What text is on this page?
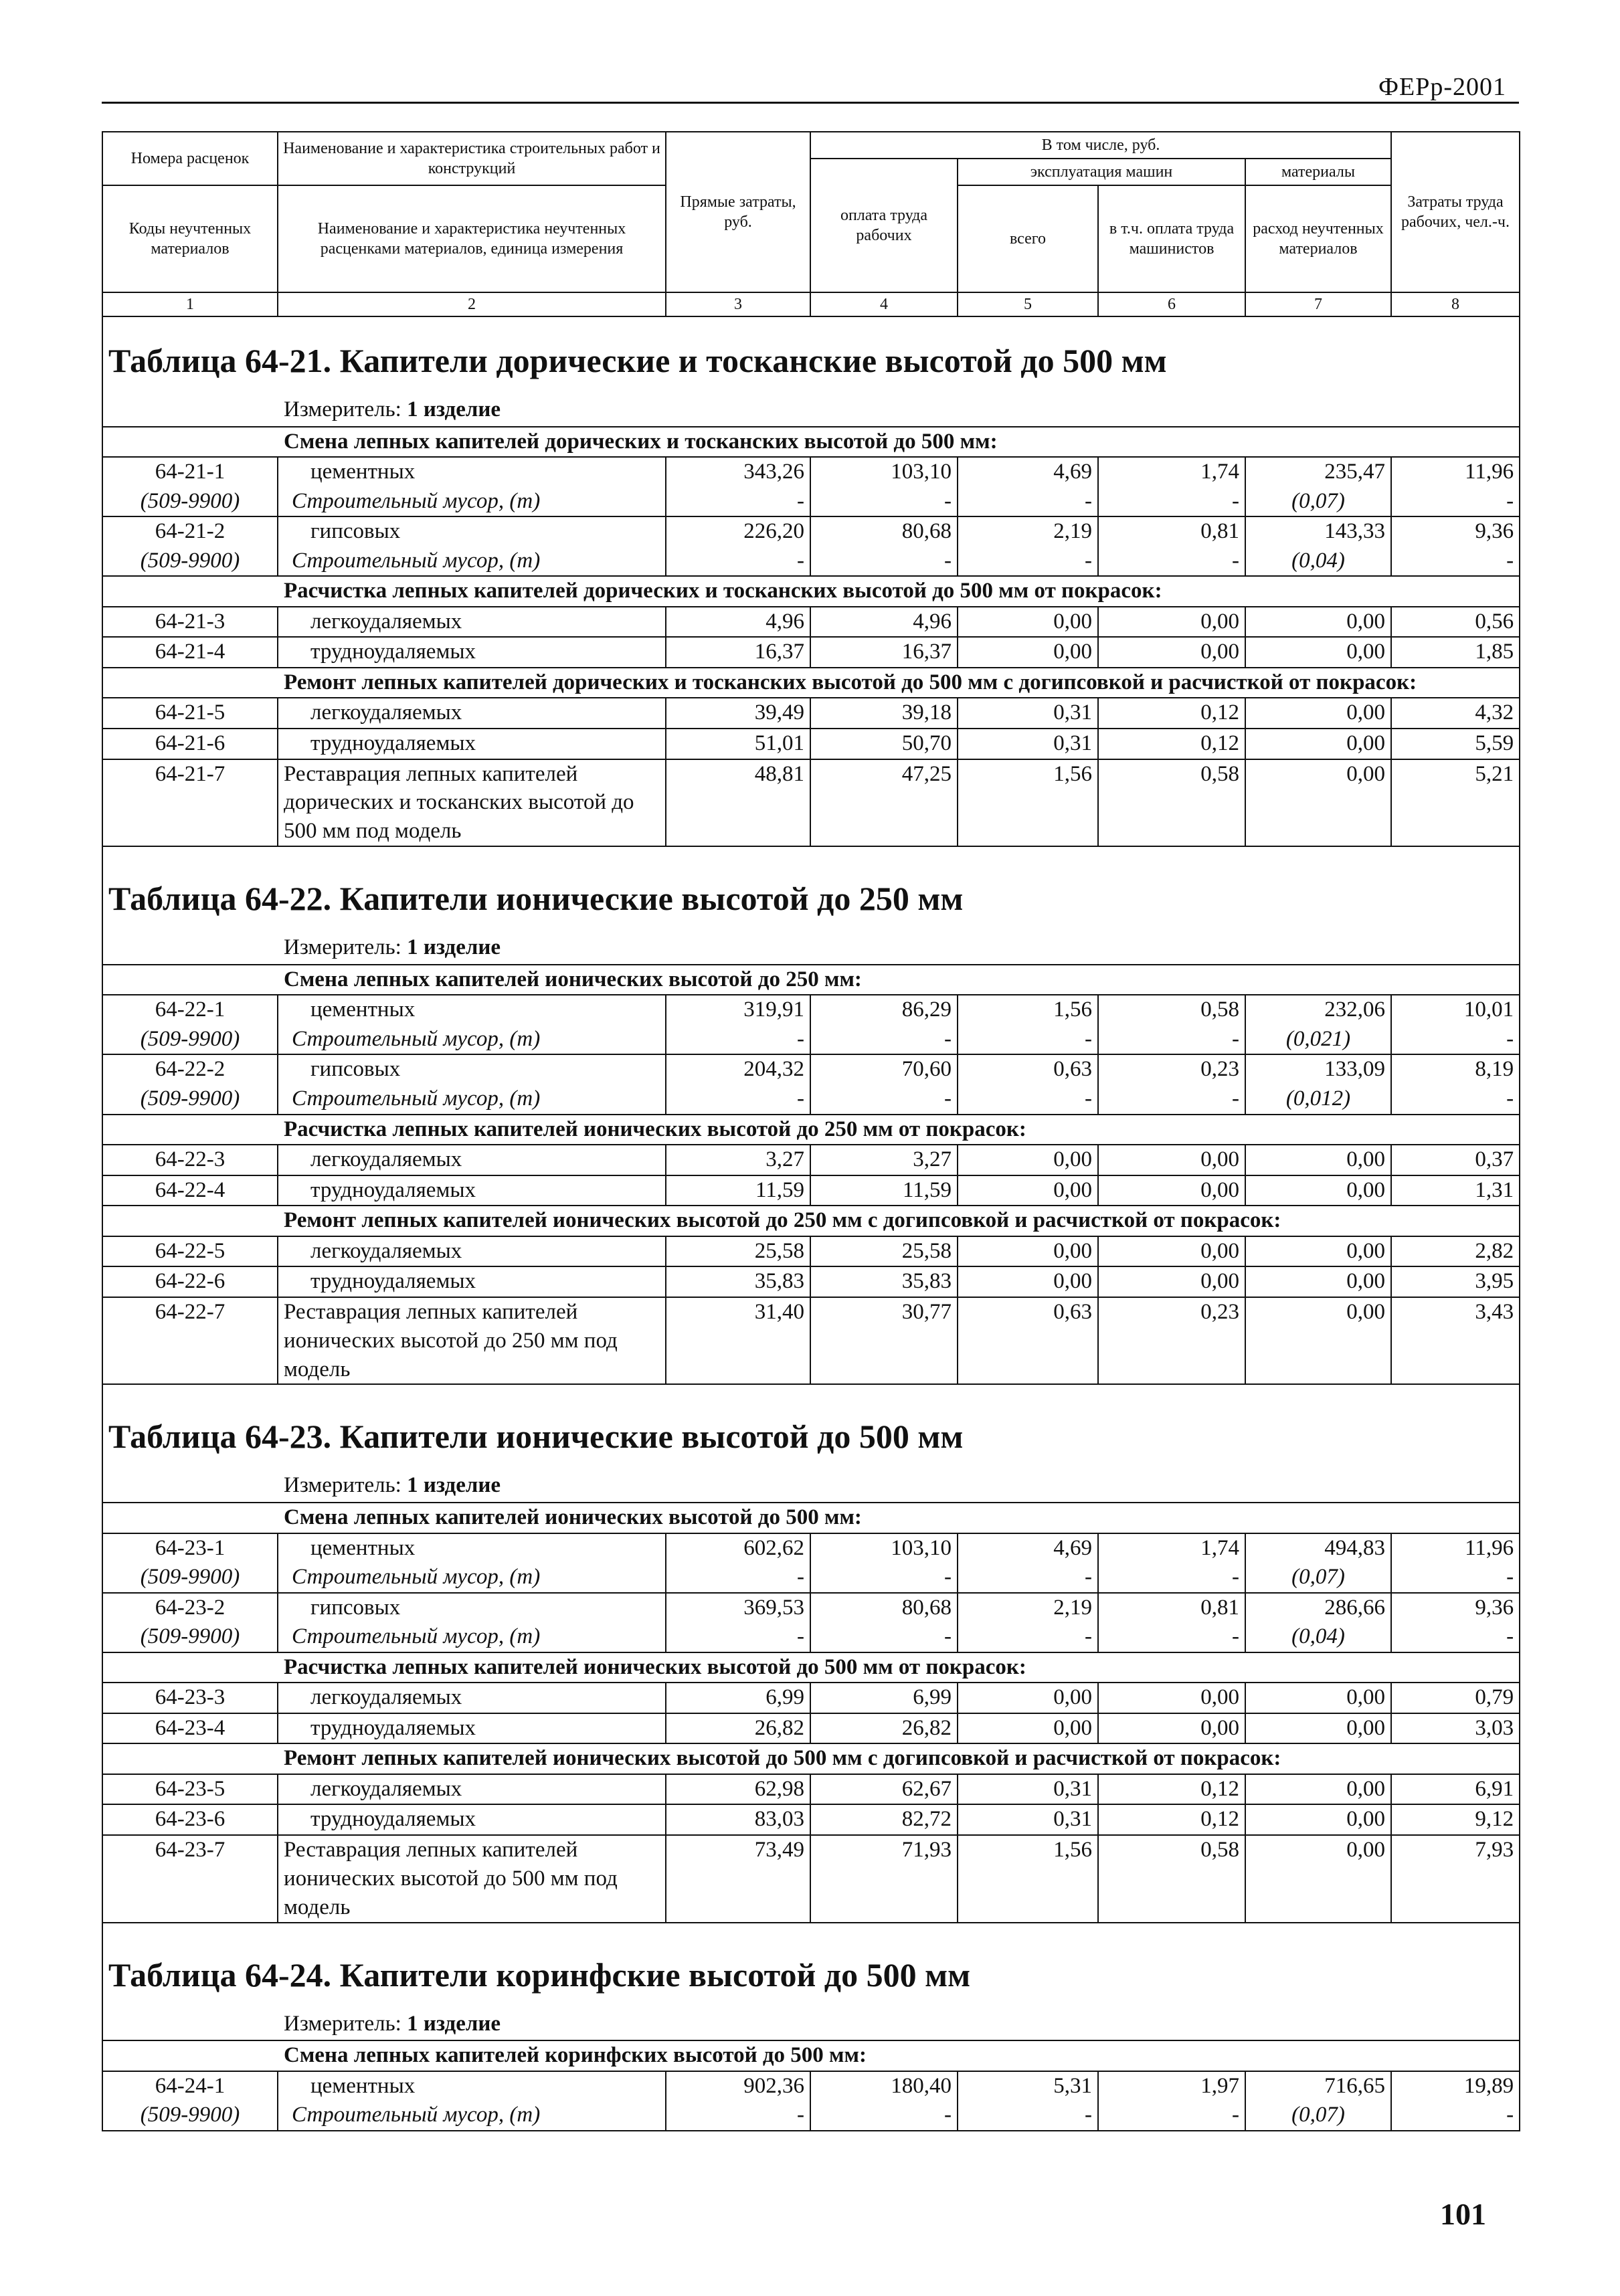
ФЕРр-2001
Номера расценок	Наименование и характеристика строительных работ и конструкций	Прямые затраты, руб.	В том числе, руб.				Затраты труда рабочих, чел.-ч.
			оплата труда рабочих	эксплуатация машин		материалы	
Коды неучтенных материалов	Наименование и характеристика неучтенных расценками материалов, единица измерения			всего	в т.ч. оплата труда машинистов	расход неучтенных материалов	

1	2	3	4	5	6	7	8
Таблица 64-21. Капители дорические и тосканские высотой до 500 мм							
Измеритель: 1 изделие							
Смена лепных капителей дорических и тосканских высотой до 500 мм:							
64-21-1	цементных	343,26	103,10	4,69	1,74	235,47	11,96
(509-9900)	Строительный мусор, (т)	-	-	-	-	(0,07)	-
64-21-2	гипсовых	226,20	80,68	2,19	0,81	143,33	9,36
(509-9900)	Строительный мусор, (т)	-	-	-	-	(0,04)	-
Расчистка лепных капителей дорических и тосканских высотой до 500 мм от покрасок:							
64-21-3	легкоудаляемых	4,96	4,96	0,00	0,00	0,00	0,56
64-21-4	трудноудаляемых	16,37	16,37	0,00	0,00	0,00	1,85
Ремонт лепных капителей дорических и тосканских высотой до 500 мм с догипсовкой и расчисткой от покрасок:							
64-21-5	легкоудаляемых	39,49	39,18	0,31	0,12	0,00	4,32
64-21-6	трудноудаляемых	51,01	50,70	0,31	0,12	0,00	5,59
64-21-7	Реставрация лепных капителей дорических и тосканских высотой до 500 мм под модель	48,81	47,25	1,56	0,58	0,00	5,21
Таблица 64-22. Капители ионические высотой до 250 мм							
Измеритель: 1 изделие							
Смена лепных капителей ионических высотой до 250 мм:							
64-22-1	цементных	319,91	86,29	1,56	0,58	232,06	10,01
(509-9900)	Строительный мусор, (т)	-	-	-	-	(0,021)	-
64-22-2	гипсовых	204,32	70,60	0,63	0,23	133,09	8,19
(509-9900)	Строительный мусор, (т)	-	-	-	-	(0,012)	-
Расчистка лепных капителей ионических высотой до 250 мм от покрасок:							
64-22-3	легкоудаляемых	3,27	3,27	0,00	0,00	0,00	0,37
64-22-4	трудноудаляемых	11,59	11,59	0,00	0,00	0,00	1,31
Ремонт лепных капителей ионических высотой до 250 мм с догипсовкой и расчисткой от покрасок:							
64-22-5	легкоудаляемых	25,58	25,58	0,00	0,00	0,00	2,82
64-22-6	трудноудаляемых	35,83	35,83	0,00	0,00	0,00	3,95
64-22-7	Реставрация лепных капителей ионических высотой до 250 мм под модель	31,40	30,77	0,63	0,23	0,00	3,43
Таблица 64-23. Капители ионические высотой до 500 мм							
Измеритель: 1 изделие							
Смена лепных капителей ионических высотой до 500 мм:							
64-23-1	цементных	602,62	103,10	4,69	1,74	494,83	11,96
(509-9900)	Строительный мусор, (т)	-	-	-	-	(0,07)	-
64-23-2	гипсовых	369,53	80,68	2,19	0,81	286,66	9,36
(509-9900)	Строительный мусор, (т)	-	-	-	-	(0,04)	-
Расчистка лепных капителей ионических высотой до 500 мм от покрасок:							
64-23-3	легкоудаляемых	6,99	6,99	0,00	0,00	0,00	0,79
64-23-4	трудноудаляемых	26,82	26,82	0,00	0,00	0,00	3,03
Ремонт лепных капителей ионических высотой до 500 мм с догипсовкой и расчисткой от покрасок:							
64-23-5	легкоудаляемых	62,98	62,67	0,31	0,12	0,00	6,91
64-23-6	трудноудаляемых	83,03	82,72	0,31	0,12	0,00	9,12
64-23-7	Реставрация лепных капителей ионических высотой до 500 мм под модель	73,49	71,93	1,56	0,58	0,00	7,93
Таблица 64-24. Капители коринфские высотой до 500 мм							
Измеритель: 1 изделие							
Смена лепных капителей коринфских высотой до 500 мм:							
64-24-1	цементных	902,36	180,40	5,31	1,97	716,65	19,89
(509-9900)	Строительный мусор, (т)	-	-	-	-	(0,07)	-
101
